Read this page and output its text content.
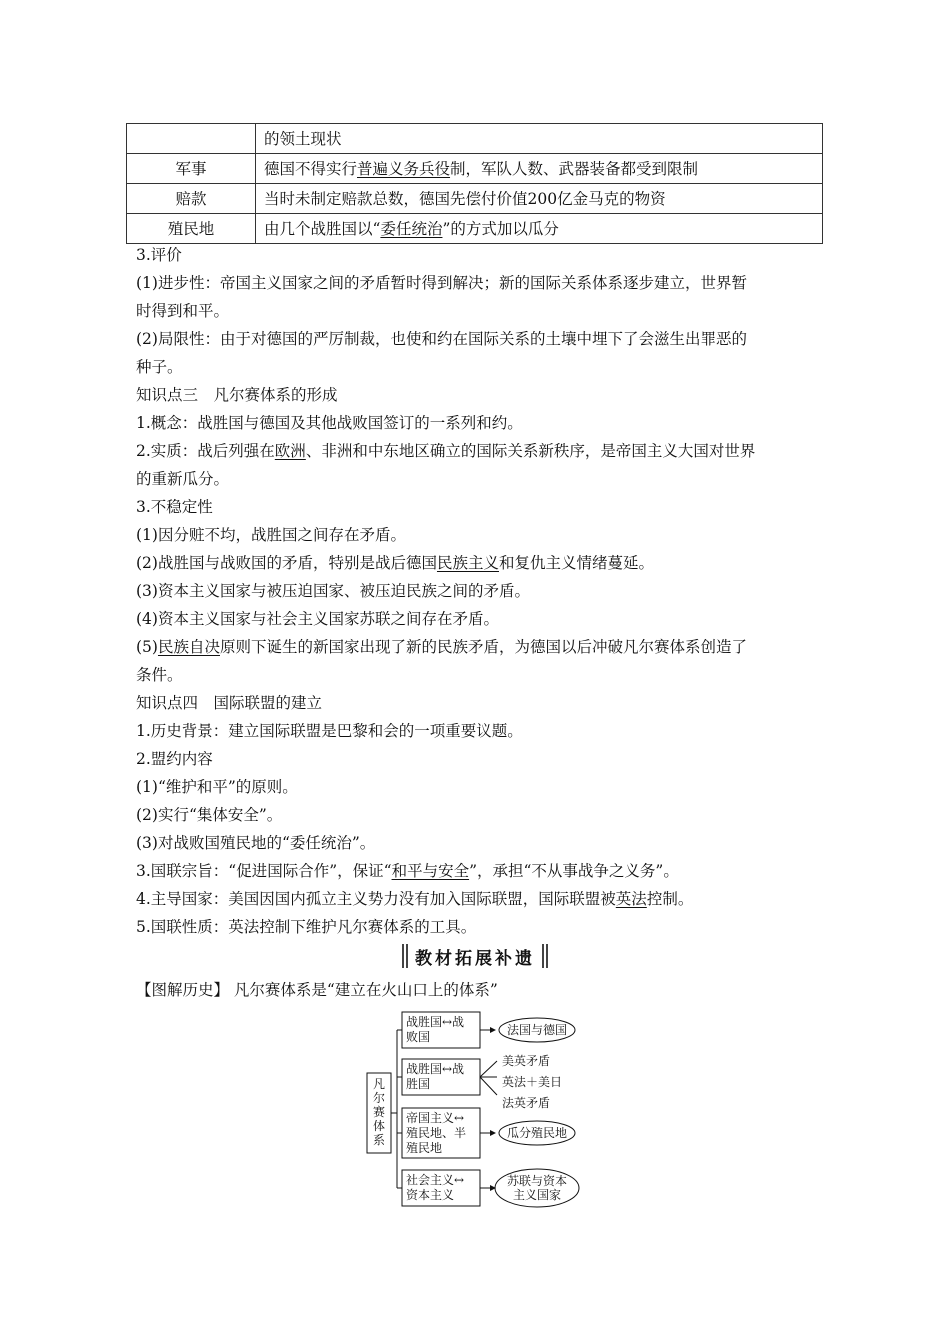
	的领土现状
军事	德国不得实行普遍义务兵役制，军队人数、武器装备都受到限制
赔款	当时未制定赔款总数，德国先偿付价值200亿金马克的物资
殖民地	由几个战胜国以“委任统治”的方式加以瓜分
3.评价
(1)进步性：帝国主义国家之间的矛盾暂时得到解决；新的国际关系体系逐步建立，世界暂
时得到和平。
(2)局限性：由于对德国的严厉制裁，也使和约在国际关系的土壤中埋下了会滋生出罪恶的
种子。
知识点三　凡尔赛体系的形成
1.概念：战胜国与德国及其他战败国签订的一系列和约。
2.实质：战后列强在欧洲、非洲和中东地区确立的国际关系新秩序，是帝国主义大国对世界
的重新瓜分。
3.不稳定性
(1)因分赃不均，战胜国之间存在矛盾。
(2)战胜国与战败国的矛盾，特别是战后德国民族主义和复仇主义情绪蔓延。
(3)资本主义国家与被压迫国家、被压迫民族之间的矛盾。
(4)资本主义国家与社会主义国家苏联之间存在矛盾。
(5)民族自决原则下诞生的新国家出现了新的民族矛盾，为德国以后冲破凡尔赛体系创造了
条件。
知识点四　国际联盟的建立
1.历史背景：建立国际联盟是巴黎和会的一项重要议题。
2.盟约内容
(1)“维护和平”的原则。
(2)实行“集体安全”。
(3)对战败国殖民地的“委任统治”。
3.国联宗旨：“促进国际合作”，保证“和平与安全”，承担“不从事战争之义务”。
4.主导国家：美国因国内孤立主义势力没有加入国际联盟，国际联盟被英法控制。
5.国联性质：英法控制下维护凡尔赛体系的工具。
教材拓展补遗
【图解历史】 凡尔赛体系是“建立在火山口上的体系”
凡
尔
赛
体
系
战胜国↔战
败国
战胜国↔战
胜国
帝国主义↔
殖民地、半
殖民地
社会主义↔
资本主义
法国与德国
美英矛盾
英法＋美日
法英矛盾
瓜分殖民地
苏联与资本
主义国家
